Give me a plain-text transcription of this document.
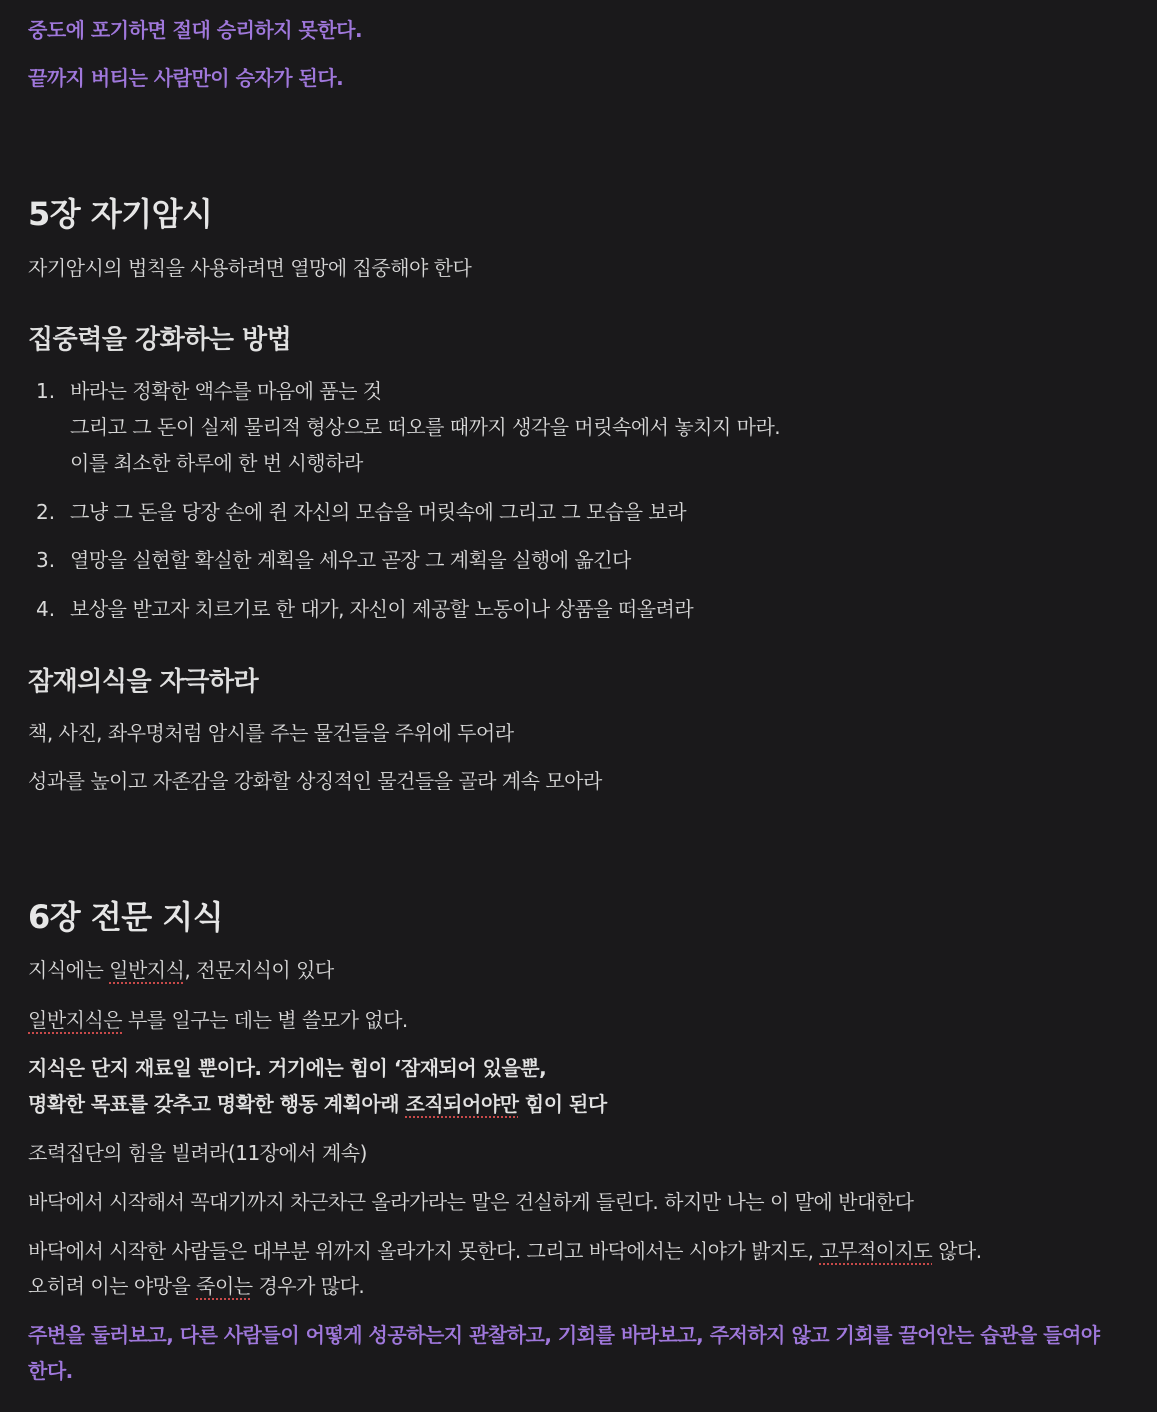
중도에 포기하면 절대 승리하지 못한다.

끝까지 버티는 사람만이 승자가 된다.

5장 자기암시

자기암시의 법칙을 사용하려면 열망에 집중해야 한다

집중력을 강화하는 방법
1. 바라는 정확한 액수를 마음에 품는 것

그리고 그 돈이 실제 물리적 형상으로 떠오를 때까지 생각을 머릿속에서 놓치지 마라.

이를 최소한 하루에 한 번 시행하라

2. 그냥 그 돈을 당장 손에 쥔 자신의 모습을 머릿속에 그리고 그 모습을 보라

3. 열망을 실현할 확실한 계획을 세우고 곧장 그 계획을 실행에 옮긴다

4. 보상을 받고자 치르기로 한 대가, 자신이 제공할 노동이나 상품을 떠올려라

잠재의식을 자극하라

책, 사진, 좌우명처럼 암시를 주는 물건들을 주위에 두어라

성과를 높이고 자존감을 강화할 상징적인 물건들을 골라 계속 모아라

6장 전문 지식

지식에는 일반지식, 전문지식이 있다

일반지식은 부를 일구는 데는 별 쓸모가 없다.

지식은 단지 재료일 뿐이다. 거기에는 힘이 ‘잠재되어 있을뿐,

명확한 목표를 갖추고 명확한 행동 계획아래 조직되어야만 힘이 된다

조력집단의 힘을 빌려라(11장에서 계속)

바닥에서 시작해서 꼭대기까지 차근차근 올라가라는 말은 건실하게 들린다. 하지만 나는 이 말에 반대한다

바닥에서 시작한 사람들은 대부분 위까지 올라가지 못한다. 그리고 바닥에서는 시야가 밝지도, 고무적이지도 않다.

오히려 이는 야망을 죽이는 경우가 많다.

주변을 둘러보고, 다른 사람들이 어떻게 성공하는지 관찰하고, 기회를 바라보고, 주저하지 않고 기회를 끌어안는 습관을 들여야 한다.
